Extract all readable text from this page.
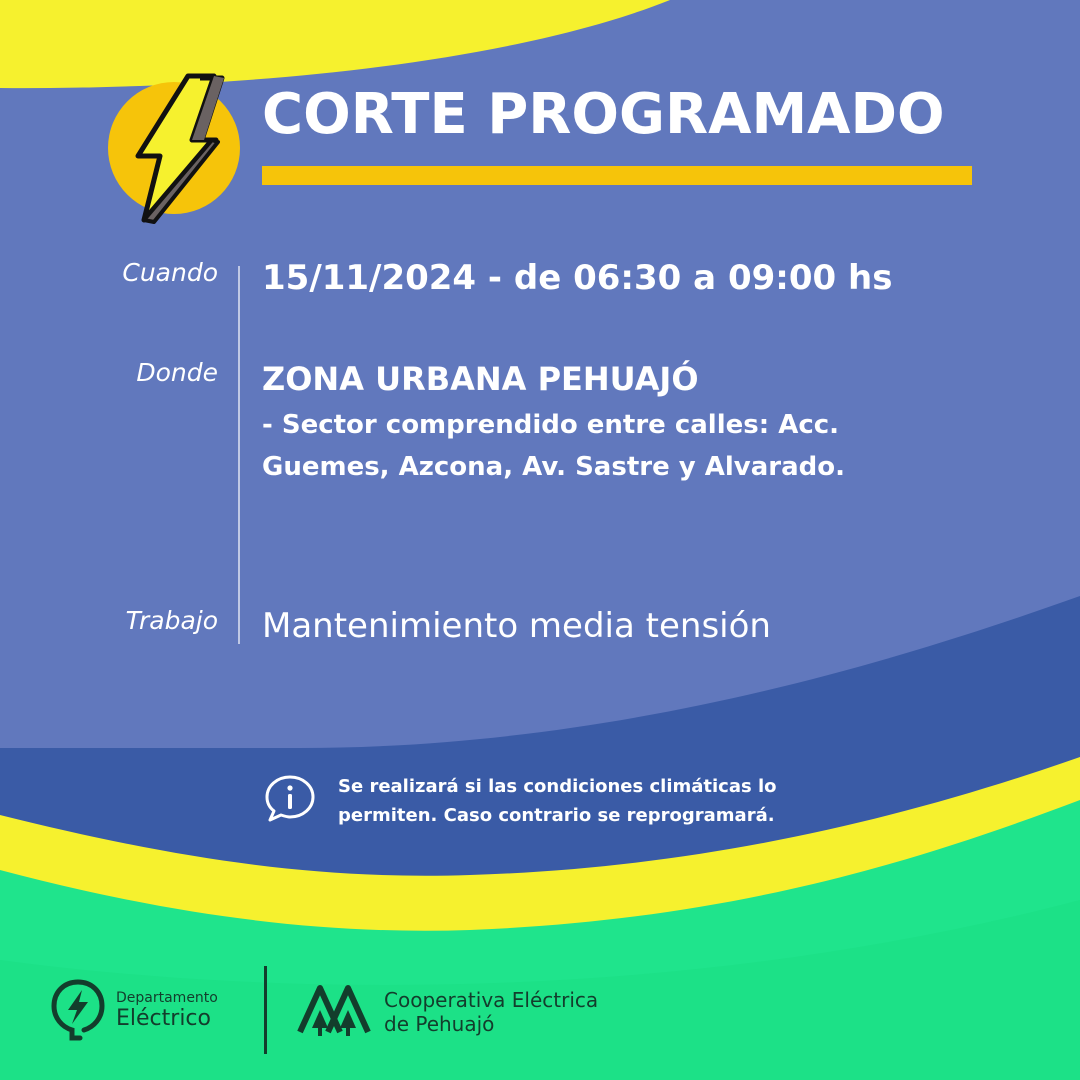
CORTE PROGRAMADO
Cuando 15/11/2024 - de 06:30 a 09:00 hs
Donde ZONA URBANA PEHUAJÓ
- Sector comprendido entre calles: Acc. Guemes, Azcona, Av. Sastre y Alvarado.
Trabajo Mantenimiento media tensión
Se realizará si las condiciones climáticas lo permiten. Caso contrario se reprogramará.
Departamento
Eléctrico
Cooperativa Eléctrica
de Pehuajó
